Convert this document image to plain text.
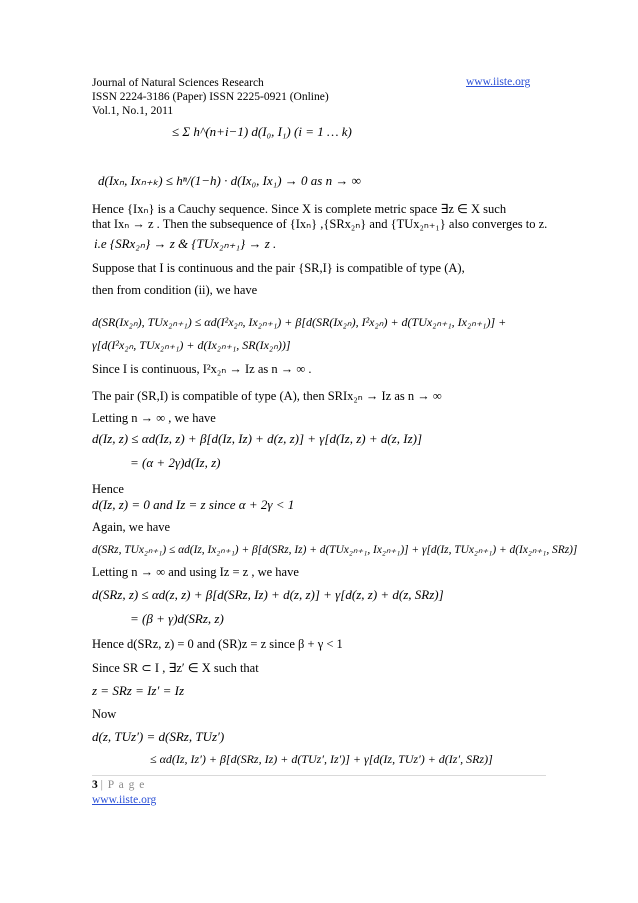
Journal of Natural Sciences Research
ISSN 2224-3186 (Paper) ISSN 2225-0921 (Online)
Vol.1, No.1, 2011
www.iiste.org
≤ Σ h^(n+i−1) d(I₀, I₁) (i = 1 … k)
d(Ixₙ, Ixₙ₊ₖ) ≤ hⁿ/(1−h) · d(Ix₀, Ix₁) → 0 as n → ∞
Hence {Ixₙ} is a Cauchy sequence. Since X is complete metric space ∃z ∈ X such
that Ixₙ → z . Then the subsequence of {Ixₙ} ,{SRx₂ₙ} and {TUx₂ₙ₊₁} also converges to z.
i.e {SRx₂ₙ} → z & {TUx₂ₙ₊₁} → z .
Suppose that I is continuous and the pair {SR,I} is compatible of type (A),
then from condition (ii), we have
d(SR(Ix₂ₙ), TUx₂ₙ₊₁) ≤ αd(I²x₂ₙ, Ix₂ₙ₊₁) + β[d(SR(Ix₂ₙ), I²x₂ₙ) + d(TUx₂ₙ₊₁, Ix₂ₙ₊₁)] +
γ[d(I²x₂ₙ, TUx₂ₙ₊₁) + d(Ix₂ₙ₊₁, SR(Ix₂ₙ))]
Since I is continuous, I²x₂ₙ → Iz as n → ∞ .
The pair (SR,I) is compatible of type (A), then SRIx₂ₙ → Iz as n → ∞
Letting n → ∞ , we have
d(Iz, z) ≤ αd(Iz, z) + β[d(Iz, Iz) + d(z, z)] + γ[d(Iz, z) + d(z, Iz)]
= (α + 2γ)d(Iz, z)
Hence
d(Iz, z) = 0 and Iz = z since α + 2γ < 1
Again, we have
d(SRz, TUx₂ₙ₊₁) ≤ αd(Iz, Ix₂ₙ₊₁) + β[d(SRz, Iz) + d(TUx₂ₙ₊₁, Ix₂ₙ₊₁)] + γ[d(Iz, TUx₂ₙ₊₁) + d(Ix₂ₙ₊₁, SRz)]
Letting n → ∞ and using Iz = z , we have
d(SRz, z) ≤ αd(z, z) + β[d(SRz, Iz) + d(z, z)] + γ[d(z, z) + d(z, SRz)]
= (β + γ)d(SRz, z)
Hence d(SRz, z) = 0 and (SR)z = z since β + γ < 1
Since SR ⊂ I , ∃z′ ∈ X such that
z = SRz = Iz′ = Iz
Now
d(z, TUz′) = d(SRz, TUz′)
≤ αd(Iz, Iz′) + β[d(SRz, Iz) + d(TUz′, Iz′)] + γ[d(Iz, TUz′) + d(Iz′, SRz)]
3 | P a g e
www.iiste.org
